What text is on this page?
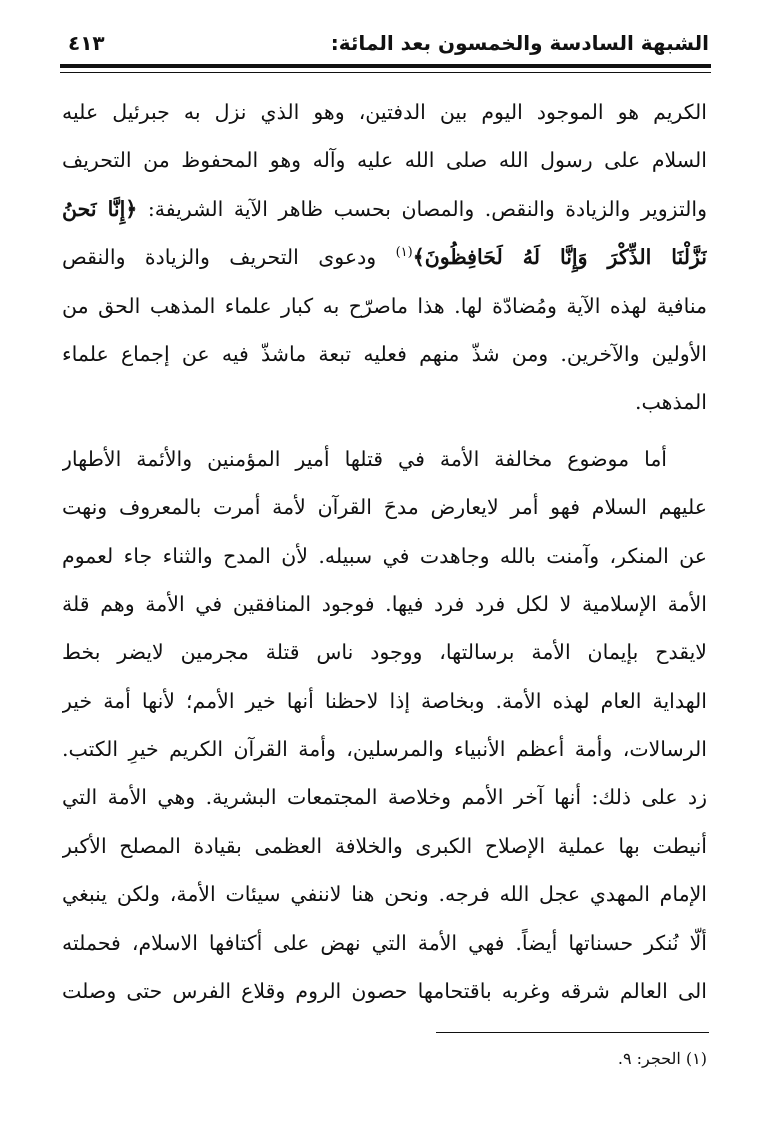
الشبهة السادسة والخمسون بعد المائة:
٤١٣
الكريم هو الموجود اليوم بين الدفتين، وهو الذي نزل به جبرئيل عليه
السلام على رسول الله صلى الله عليه وآله وهو المحفوظ من التحريف
والتزوير والزيادة والنقص. والمصان بحسب ظاهر الآية الشريفة: ﴿إِنَّا نَحنُ
نَزَّلْنَا الذِّكْرَ وَإِنَّا لَهُ لَحَافِظُونَ﴾$^{(١)}$ ودعوى التحريف والزيادة والنقص
منافية لهذه الآية ومُضادّة لها. هذا ماصرّح به كبار علماء المذهب الحق من
الأولين والآخرين. ومن شذّ منهم فعليه تبعة ماشذّ فيه عن إجماع علماء
المذهب.
أما موضوع مخالفة الأمة في قتلها أمير المؤمنين والأئمة الأطهار
عليهم السلام فهو أمر لايعارض مدحَ القرآن لأمة أمرت بالمعروف ونهت
عن المنكر، وآمنت بالله وجاهدت في سبيله. لأن المدح والثناء جاء لعموم
الأمة الإسلامية لا لكل فرد فرد فيها. فوجود المنافقين في الأمة وهم قلة
لايقدح بإيمان الأمة برسالتها، ووجود ناس قتلة مجرمين لايضر بخط
الهداية العام لهذه الأمة. وبخاصة إذا لاحظنا أنها خير الأمم؛ لأنها أمة خير
الرسالات، وأمة أعظم الأنبياء والمرسلين، وأمة القرآن الكريم خيرِ الكتب.
زد على ذلك: أنها آخر الأمم وخلاصة المجتمعات البشرية. وهي الأمة التي
أنيطت بها عملية الإصلاح الكبرى والخلافة العظمى بقيادة المصلح الأكبر
الإمام المهدي عجل الله فرجه. ونحن هنا لاننفي سيئات الأمة، ولكن ينبغي
ألّا نُنكر حسناتها أيضاً. فهي الأمة التي نهض على أكتافها الاسلام، فحملته
الى العالم شرقه وغربه باقتحامها حصون الروم وقلاع الفرس حتى وصلت
(١) الحجر: ٩.
